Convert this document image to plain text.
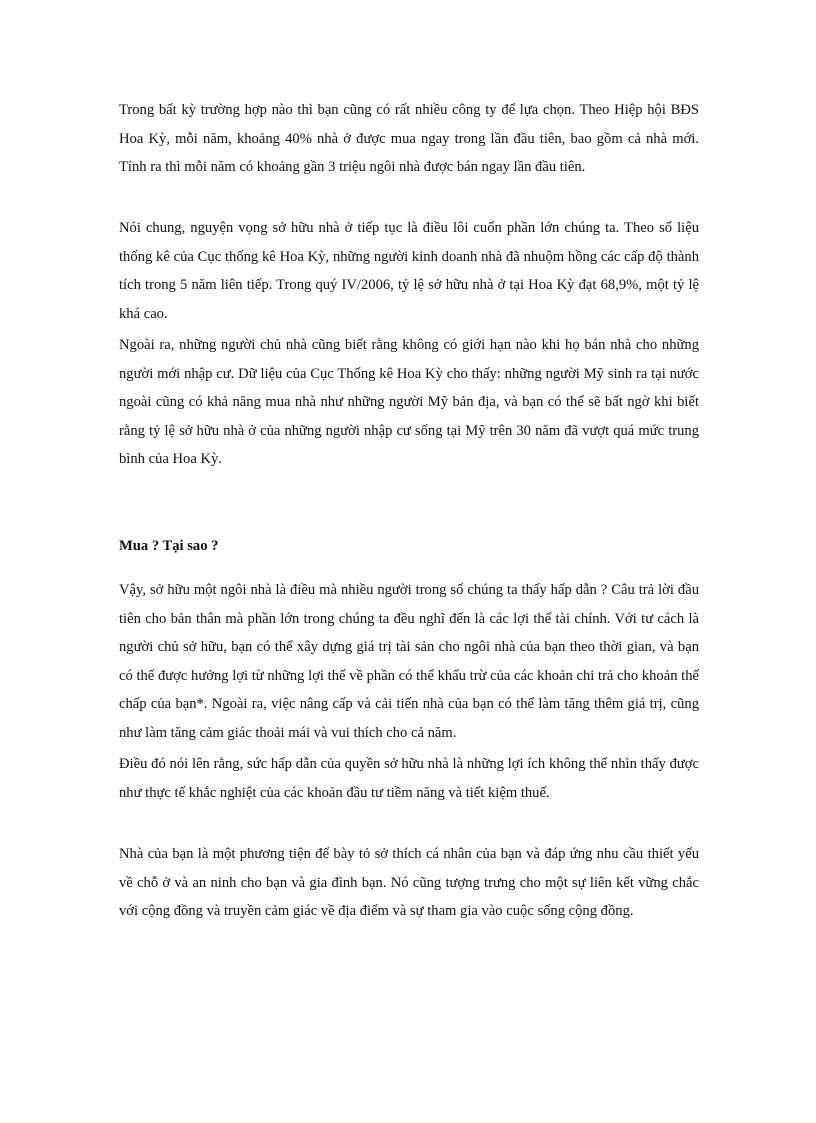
Trong bất kỳ trường hợp nào thì bạn cũng có rất nhiều công ty để lựa chọn. Theo Hiệp hội BĐS Hoa Kỳ, mỗi năm, khoảng 40% nhà ở được mua ngay trong lần đầu tiên, bao gồm cả nhà mới. Tính ra thì mỗi năm có khoảng gần 3 triệu ngôi nhà được bán ngay lần đầu tiên.

Nói chung, nguyện vọng sở hữu nhà ở tiếp tục là điều lôi cuốn phần lớn chúng ta. Theo số liệu thống kê của Cục thống kê Hoa Kỳ, những người kinh doanh nhà đã nhuộm hồng các cấp độ thành tích trong 5 năm liên tiếp. Trong quý IV/2006, tỷ lệ sở hữu nhà ở tại Hoa Kỳ đạt 68,9%, một tỷ lệ khá cao.

Ngoài ra, những người chủ nhà cũng biết rằng không có giới hạn nào khi họ bán nhà cho những người mới nhập cư. Dữ liệu của Cục Thống kê Hoa Kỳ cho thấy: những người Mỹ sinh ra tại nước ngoài cũng có khả năng mua nhà như những người Mỹ bản địa, và bạn có thể sẽ bất ngờ khi biết rằng tỷ lệ sở hữu nhà ở của những người nhập cư sống tại Mỹ trên 30 năm đã vượt quá mức trung bình của Hoa Kỳ.

Mua ? Tại sao ?

Vậy, sở hữu một ngôi nhà là điều mà nhiều người trong số chúng ta thấy hấp dẫn ? Câu trả lời đầu tiên cho bản thân mà phần lớn trong chúng ta đều nghĩ đến là các lợi thế tài chính. Với tư cách là người chủ sở hữu, bạn có thể xây dựng giá trị tài sản cho ngôi nhà của bạn theo thời gian, và bạn có thể được hưởng lợi từ những lợi thế về phần có thể khấu trừ của các khoản chi trả cho khoản thế chấp của bạn*. Ngoài ra, việc nâng cấp và cải tiến nhà của bạn có thể làm tăng thêm giá trị, cũng như làm tăng cảm giác thoải mái và vui thích cho cả năm.

Điều đó nói lên rằng, sức hấp dẫn của quyền sở hữu nhà là những lợi ích không thể nhìn thấy được như thực tế khắc nghiệt của các khoản đầu tư tiềm năng và tiết kiệm thuế.

Nhà của bạn là một phương tiện để bày tỏ sở thích cá nhân của bạn và đáp ứng nhu cầu thiết yếu về chỗ ở và an ninh cho bạn và gia đình bạn. Nó cũng tượng trưng cho một sự liên kết vững chắc với cộng đồng và truyền cảm giác về địa điểm và sự tham gia vào cuộc sống cộng đồng.
